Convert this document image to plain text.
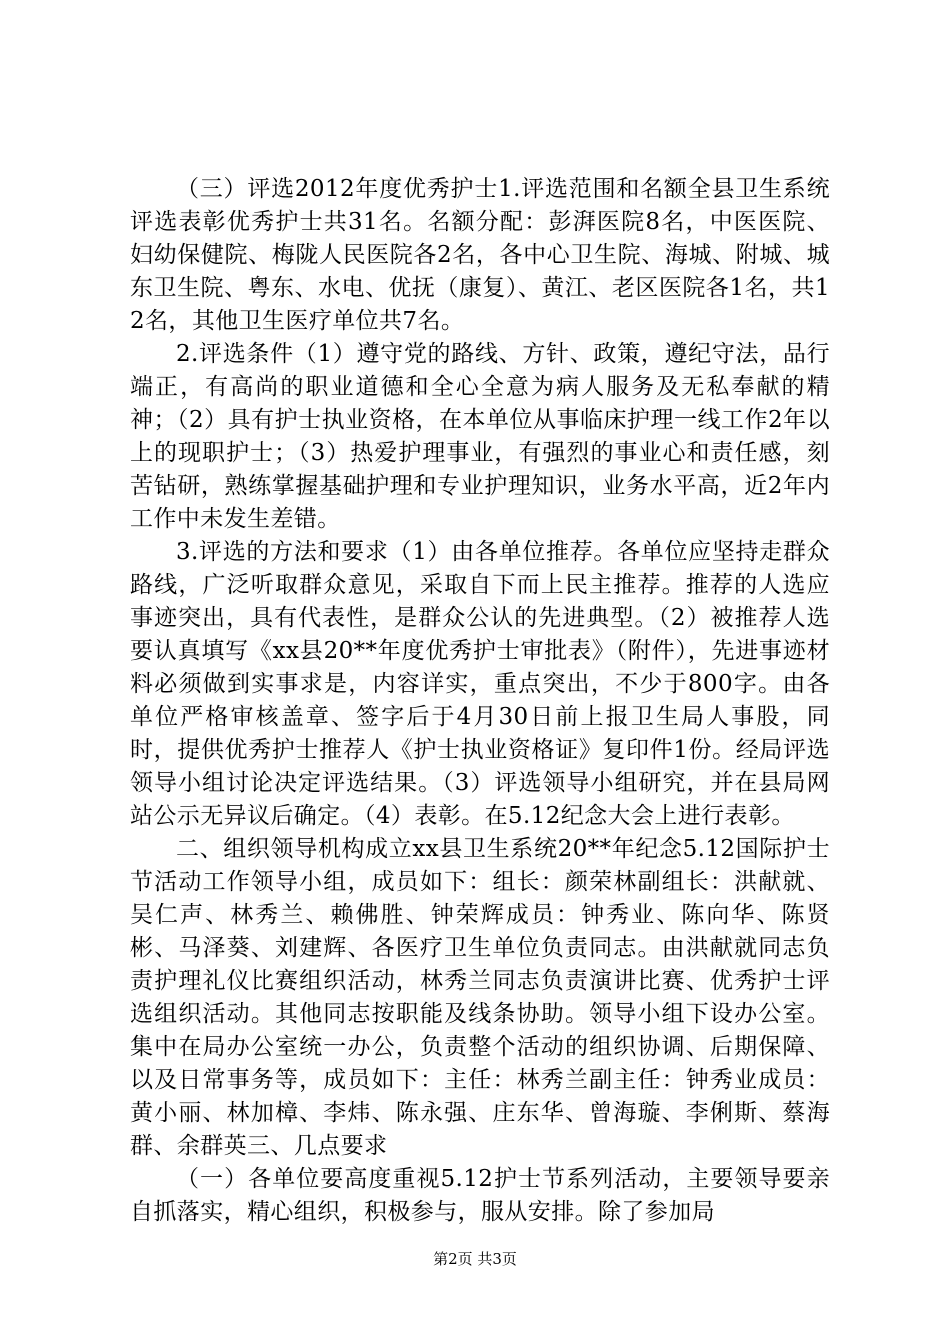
（三）评选2012年度优秀护士1.评选范围和名额全县卫生系统评选表彰优秀护士共31名。名额分配：彭湃医院8名，中医医院、妇幼保健院、梅陇人民医院各2名，各中心卫生院、海城、附城、城东卫生院、粤东、水电、优抚（康复）、黄江、老区医院各1名，共12名，其他卫生医疗单位共7名。

2.评选条件（1）遵守党的路线、方针、政策，遵纪守法，品行端正，有高尚的职业道德和全心全意为病人服务及无私奉献的精神；（2）具有护士执业资格，在本单位从事临床护理一线工作2年以上的现职护士；（3）热爱护理事业，有强烈的事业心和责任感，刻苦钻研，熟练掌握基础护理和专业护理知识，业务水平高，近2年内工作中未发生差错。

3.评选的方法和要求（1）由各单位推荐。各单位应坚持走群众路线，广泛听取群众意见，采取自下而上民主推荐。推荐的人选应事迹突出，具有代表性，是群众公认的先进典型。（2）被推荐人选要认真填写《xx县20**年度优秀护士审批表》（附件），先进事迹材料必须做到实事求是，内容详实，重点突出，不少于800字。由各单位严格审核盖章、签字后于4月30日前上报卫生局人事股，同时，提供优秀护士推荐人《护士执业资格证》复印件1份。经局评选领导小组讨论决定评选结果。（3）评选领导小组研究，并在县局网站公示无异议后确定。（4）表彰。在5.12纪念大会上进行表彰。

二、组织领导机构成立xx县卫生系统20**年纪念5.12国际护士节活动工作领导小组，成员如下：组长：颜荣林副组长：洪献就、吴仁声、林秀兰、赖佛胜、钟荣辉成员：钟秀业、陈向华、陈贤彬、马泽葵、刘建辉、各医疗卫生单位负责同志。由洪献就同志负责护理礼仪比赛组织活动，林秀兰同志负责演讲比赛、优秀护士评选组织活动。其他同志按职能及线条协助。领导小组下设办公室。集中在局办公室统一办公，负责整个活动的组织协调、后期保障、以及日常事务等，成员如下：主任：林秀兰副主任：钟秀业成员：黄小丽、林加樟、李炜、陈永强、庄东华、曾海璇、李俐斯、蔡海群、余群英三、几点要求

（一）各单位要高度重视5.12护士节系列活动，主要领导要亲自抓落实，精心组织，积极参与，服从安排。除了参加局

第2页 共3页
